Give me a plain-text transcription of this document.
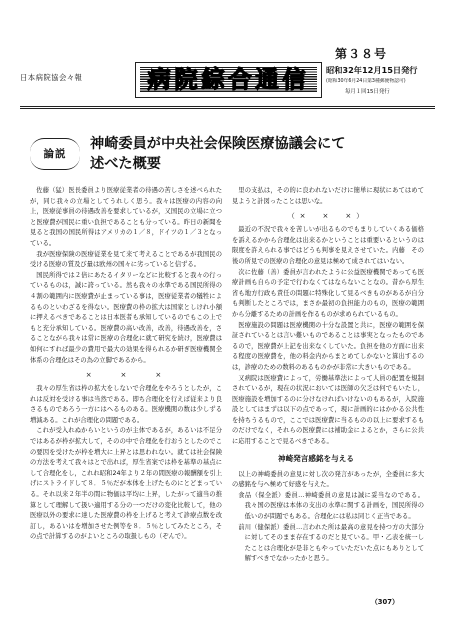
日本病院協会々報	病院綜合通信
第３８号
昭和32年12月15日発行
(昭和30年6月24日第3種郵便物認可)
毎月１回15日発行
論説
神崎委員が中央社会保険医療協議会にて
述べた概要

佐藤（猛）医長委員より医療従業者の待遇の苦しさを述べられたが，同じ我々の立場としてうれしく思う。我々は医療の内容の向上，医療従事員の待遇改善を要求しているが，又国民の立場に立つと医療費が国民に重い負担であることも分っている。昨日の新聞を見ると我国の国民所得はアメリカの１／８，ドイツの１／３となっている。

我が医療保険の医療従業を見て来て考えることであるが我国民の受ける医療の質及び量は欧州の国々に劣っていると信ずる。

国民所得では２倍にあたるイタリーなどに比較すると我々の行っているものは，誠に誇っている。然も我々の水準である国民所得の４割の範囲内に医療費が止まっている事は，医療従業者の犠牲によるものといわざるを得ない。医療費の枠の拡大は国家としけれ小額に押えるべきであることは日本医者も承知しているのでもこの上でもと充分承知している。医療費の高い改善，改善，待遇改善を，さることながら我々は常に医療の合理化に就て研究を続け，医療費は如何にすれば最少の費用で最大の効果を得られるか研ぎ医療機関全体系の合理化はその為の立脚であるから。

×　　×　　×

我々の厚生省は枠の拡大をしないで合理化をやろうとしたが，これは反対を受ける事は当然である。即ち合理化を行えば従来より良さるものであろう一方にはへるものある。医療機関の数は少しずる増減ある。これが合理化の問題である。

これが受入れぬからいというのが主体であるが，あるいは不足分ではあるが枠が拡大して，そのの中で合理化を行おうとしたのでこの要因を受けたが枠を増大に上昇とは思われない。就ては社会保険の方法を考えて我々はとで出れば，厚生省案では枠を基準の基点にして合理化をし，これれ昭和24年より２年の間医療の報酬額を引上げにストライドして８．５％だが本体を上げたものにとどまっている。それ以来２年半の間に物価は平均に上昇，したがって適当の推算として理解して扱い適用する分の一つだけの変化比較して，他の医療以外の要求に達した医療費の枠を上げると考えて診療点数を改訂し，あるいはを増加させた例等を８．５％としてみたところ，その点で計算するのがよいところの取扱しもの（ぞんで）。

里の支払は，その的に良われないだけに簡単に現状にあてはめて見ようと計図ったことは思いな。

（×　×　×）

最近の不況で我々を苦しいが出るものでもまりしていくある価格を訴えるかから合理化は出来るかということは重要いるというのは限度を許えられる事ではどうも判事を見えさせていた。内藤　その後の所見での医療の合理化の意見は極めて成されてはいない。

次に佐藤（善）委員が言われたように公益医療機関であっても医療計画も自らの予定で行わなくてはならないことなの。昔から厚生省も地方行政も責任の問題に特殊化して見るべきものがあるが自分も判断したところでは，まさか最初の負担能力のもの，医療の範囲から分離するための計画を作るものが求められているもの。

医療施設の問題は医療機関の十分な設置と共に，医療の範囲を保証されているとは言い難いものであることは事実となったものであるので，医療費が上記を出来なくしていた。負担を他の方面に出来る程度の医療費を，他の料金内からまとめてしかないと算出するのは，診療のための数料のあるものかが非常に大きいものである。

又病院は医療費によって，労働基準法によって人員の配置を規制されているが，現在の状況においては医師の欠乏は何でもいたし，医療施設を増加するのに分けなければいけないのもあるが，入院施設としてはまずは以下の点であって，現に計画的にはかかる公共性を持ちうるもので，ここでは医療費に当るものの以上に要求するものだけでなく，それらの医療費には補助金によるとか，さらに公共に応用することで見るべきである。

神崎発言感銘を与える

以上の神崎委員の意見に対し次の発言があったが，全委員に多大の感銘を与へ極めて好感を与えた。

食品（保全派）委員…神崎委員の意見は誠に妥当なのである。我々国の医療は本体の支出の水準に関する計画を，国民所得の低いのが問題でもある。合理化には私は同じく正当である。

前川（健保派）委員…言われた所は最高の意見を持つ方の大部分に対してそのまま存在するのだと見ている。甲・乙表を統一したことは合理化が是非ともやっていただいた点にもありとして解すべきでなかったかと思う。

（307）
